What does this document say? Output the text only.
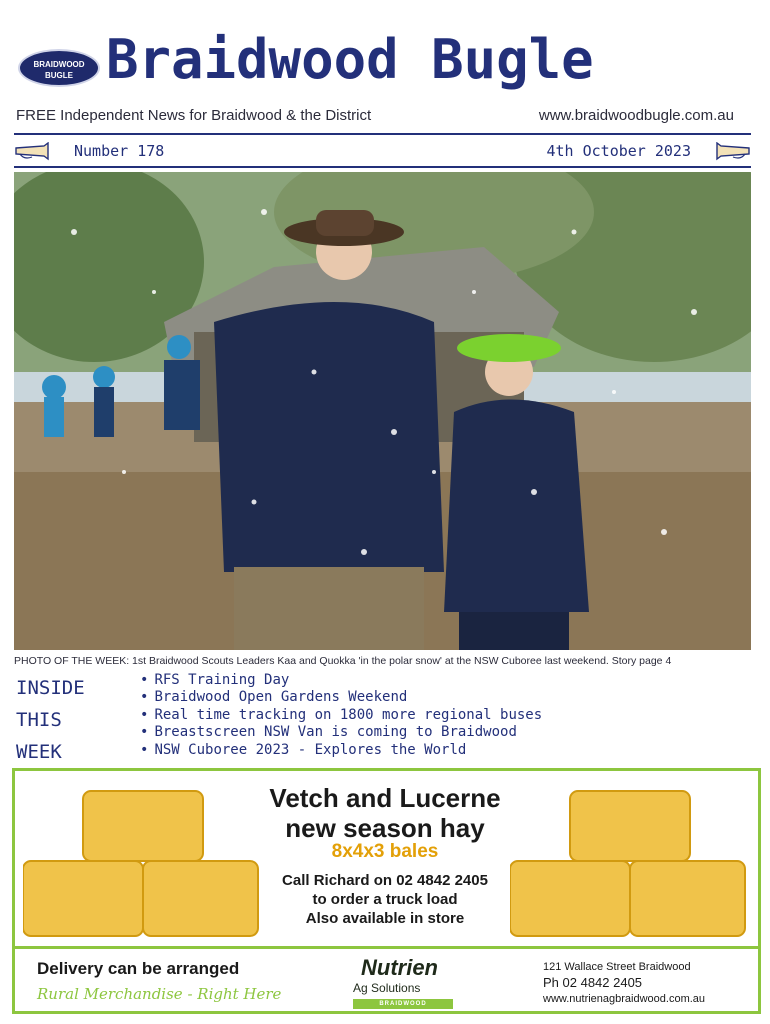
BRAIDWOOD
BUGLE Braidwood Bugle
FREE Independent News for Braidwood & the District	www.braidwoodbugle.com.au
Number 178	4th October 2023
PHOTO OF THE WEEK: 1st Braidwood Scouts Leaders Kaa and Quokka 'in the polar snow' at the NSW Cuboree last weekend. Story page 4
INSIDE
THIS
WEEK
• RFS Training Day
• Braidwood Open Gardens Weekend
• Real time tracking on 1800 more regional buses
• Breastscreen NSW Van is coming to Braidwood
• NSW Cuboree 2023 - Explores the World
Vetch and Lucerne
new season hay
8x4x3 bales
Call Richard on 02 4842 2405
to order a truck load
Also available in store
Delivery can be arranged
Rural Merchandise - Right Here
Nutrien
Ag Solutions
BRAIDWOOD
121 Wallace Street Braidwood
Ph 02 4842 2405
www.nutrienagbraidwood.com.au
